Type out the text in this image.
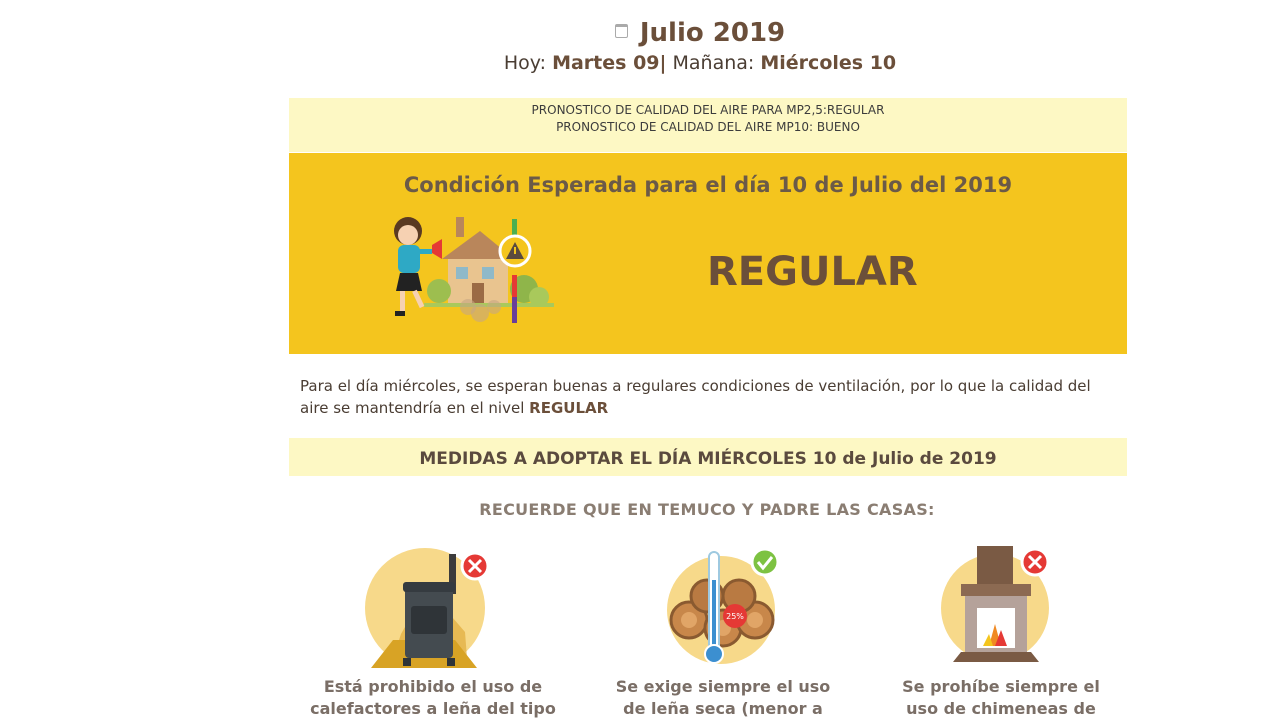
Julio 2019
Hoy: Martes 09| Mañana: Miércoles 10
PRONOSTICO DE CALIDAD DEL AIRE PARA MP2,5:REGULAR
PRONOSTICO DE CALIDAD DEL AIRE MP10: BUENO
Condición Esperada para el día 10 de Julio del 2019
REGULAR
Para el día miércoles, se esperan buenas a regulares condiciones de ventilación, por lo que la calidad del aire se mantendría en el nivel REGULAR
MEDIDAS A ADOPTAR EL DÍA MIÉRCOLES 10 de Julio de 2019
RECUERDE QUE EN TEMUCO Y PADRE LAS CASAS:
Está prohibido el uso de
calefactores a leña del tipo
25%
Se exige siempre el uso
de leña seca (menor a
Se prohíbe siempre el
uso de chimeneas de
